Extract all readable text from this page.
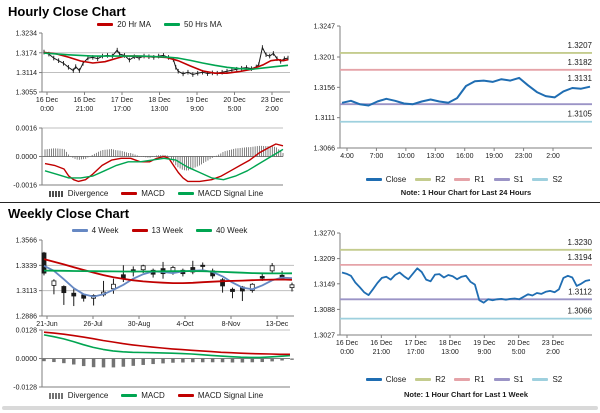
1.3234
1.3174
1.3114
1.3055
16 Dec
0:00
16 Dec
21:00
17 Dec
17:00
18 Dec
13:00
19 Dec
9:00
20 Dec
5:00
23 Dec
2:00
0.0016
0.0000
-0.0016
1.3247
1.3201
1.3156
1.3111
1.3066
4:00 7:00 10:00 13:00 16:00 19:00 23:00 2:00
1.3207
1.3182
1.3131
1.3105
1.3566
1.3339
1.3113
1.2886
21-Jun	26-Jul	30-Aug	4-Oct	8-Nov	13-Dec
0.0128
0.0000
-0.0128
1.3270
1.3209
1.3149
1.3088
1.3027
16 Dec
0:00
16 Dec
21:00
17 Dec
17:00
18 Dec
13:00
19 Dec
9:00
20 Dec
5:00
23 Dec
2:00
1.3230
1.3194
1.3112
1.3066
Hourly Close Chart
Weekly Close Chart
20 Hr MA	50 Hrs MA
Divergence	MACD	MACD Signal Line
Close	R2	R1	S1	S2
4 Week	13 Week	40 Week
Divergence	MACD	MACD Signal Line
Close	R2	R1	S1	S2
Note: 1 Hour Chart for Last 24 Hours
Note: 1 Hour Chart for Last 1 Week
